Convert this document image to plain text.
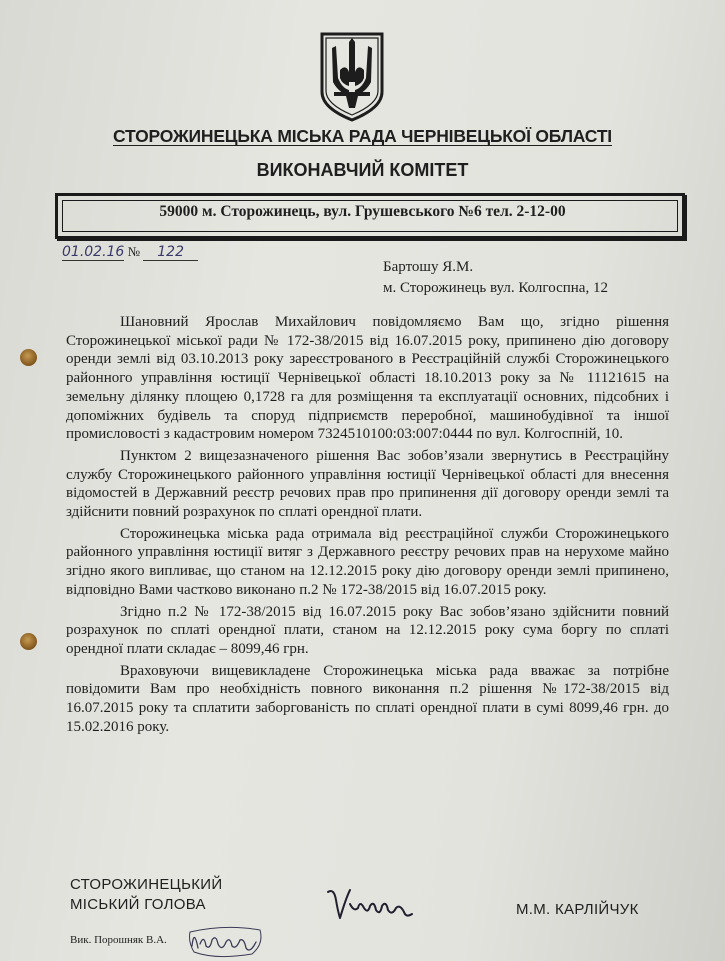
СТОРОЖИНЕЦЬКА МІСЬКА РАДА ЧЕРНІВЕЦЬКОЇ ОБЛАСТІ
ВИКОНАВЧИЙ КОМІТЕТ
59000 м. Сторожинець, вул. Грушевського №6 тел. 2-12-00
01.02.16 № 122
Бартошу Я.М.
м. Сторожинець вул. Колгоспна, 12

Шановний Ярослав Михайлович повідомляємо Вам що, згідно рішення Сторожинецької міської ради № 172-38/2015 від 16.07.2015 року, припинено дію договору оренди землі від 03.10.2013 року зареєстрованого в Реєстраційній службі Сторожинецького районного управління юстиції Чернівецької області 18.10.2013 року за № 11121615 на земельну ділянку площею 0,1728 га для розміщення та експлуатації основних, підсобних і допоміжних будівель та споруд підприємств переробної, машинобудівної та іншої промисловості з кадастровим номером 7324510100:03:007:0444 по вул. Колгоспній, 10.

Пунктом 2 вищезазначеного рішення Вас зобов’язали звернутись в Реєстраційну службу Сторожинецького районного управління юстиції Чернівецької області для внесення відомостей в Державний реєстр речових прав про припинення дії договору оренди землі та здійснити повний розрахунок по сплаті орендної плати.

Сторожинецька міська рада отримала від реєстраційної служби Сторожинецького районного управління юстиції витяг з Державного реєстру речових прав на нерухоме майно згідно якого випливає, що станом на 12.12.2015 року дію договору оренди землі припинено, відповідно Вами частково виконано п.2 № 172-38/2015 від 16.07.2015 року.

Згідно п.2 № 172-38/2015 від 16.07.2015 року Вас зобов’язано здійснити повний розрахунок по сплаті орендної плати, станом на 12.12.2015 року сума боргу по сплаті орендної плати складає – 8099,46 грн.

Враховуючи вищевикладене Сторожинецька міська рада вважає за потрібне повідомити Вам про необхідність повного виконання п.2 рішення №172-38/2015 від 16.07.2015 року та сплатити заборгованість по сплаті орендної плати в сумі 8099,46 грн. до 15.02.2016 року.

СТОРОЖИНЕЦЬКИЙ
МІСЬКИЙ ГОЛОВА	М.М. КАРЛІЙЧУК
Вик. Порошняк В.А.
